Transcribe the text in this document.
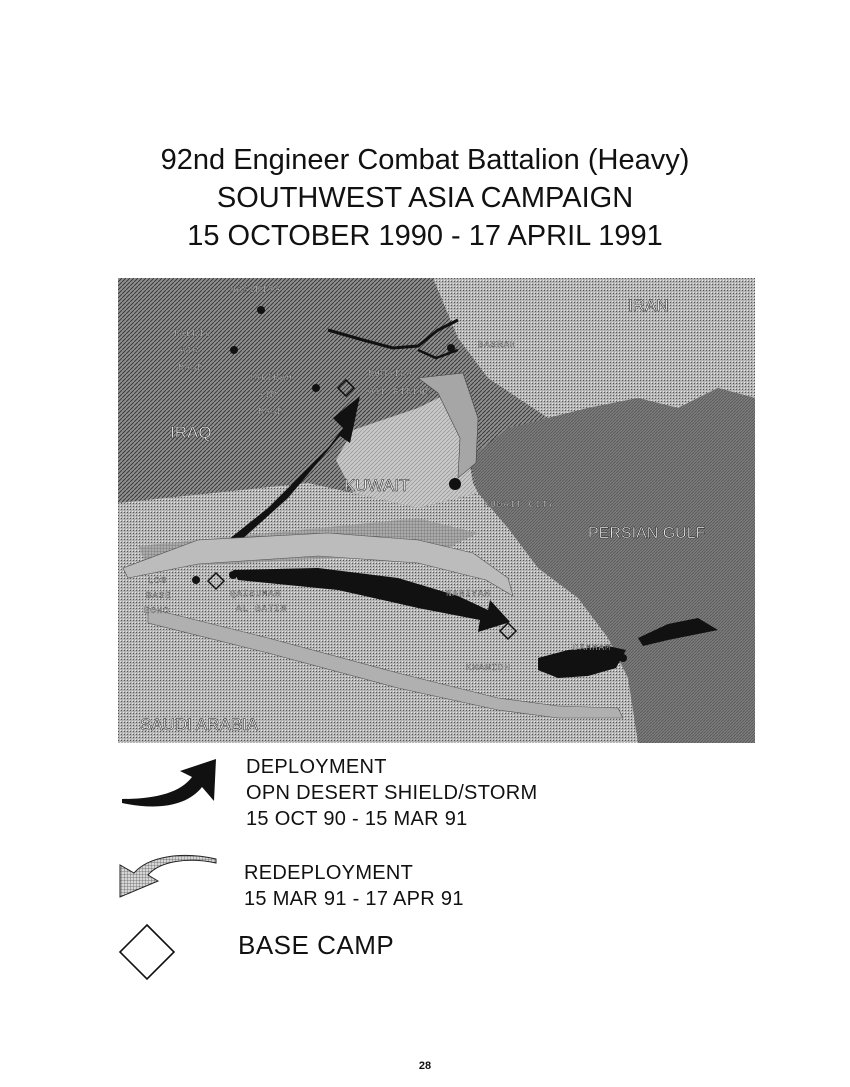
92nd Engineer Combat Battalion (Heavy)
SOUTHWEST ASIA CAMPAIGN
15 OCTOBER 1990 - 17 APRIL 1991
IRAQ
IRAN
KUWAIT
PERSIAN GULF
SAUDI ARABIA
NASIRIYA
TALLIL
AIR
BASE
JALIBAH
AIR
BASE
RUMAILA
OIL FIELDS
BASRAH
KUWAIT CITY
LOG
BASE
ECHO
QAISUMAH
AL BATIN
NARIYAH
KHANIDH
DAMMAM
DEPLOYMENT
OPN DESERT SHIELD/STORM
15 OCT 90 - 15 MAR 91
REDEPLOYMENT
15 MAR 91 - 17 APR 91
BASE CAMP
28
